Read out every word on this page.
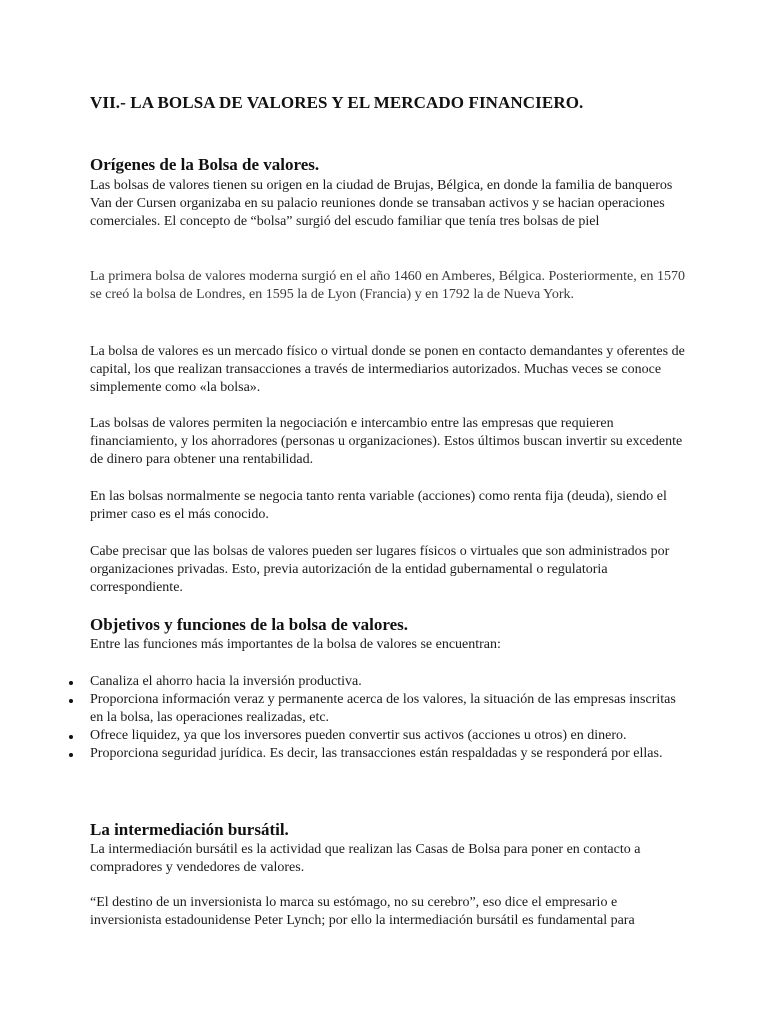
VII.- LA BOLSA DE VALORES Y EL MERCADO FINANCIERO.
Orígenes de la Bolsa de valores.

Las bolsas de valores tienen su origen en la ciudad de Brujas, Bélgica, en donde la familia de banqueros Van der Cursen organizaba en su palacio reuniones donde se transaban activos y se hacian operaciones comerciales. El concepto de “bolsa” surgió del escudo familiar que tenía tres bolsas de piel

La primera bolsa de valores moderna surgió en el año 1460 en Amberes, Bélgica. Posteriormente, en 1570 se creó la bolsa de Londres, en 1595 la de Lyon (Francia) y en 1792 la de Nueva York.

La bolsa de valores es un mercado físico o virtual donde se ponen en contacto demandantes y oferentes de capital, los que realizan transacciones a través de intermediarios autorizados. Muchas veces se conoce simplemente como «la bolsa».

Las bolsas de valores permiten la negociación e intercambio entre las empresas que requieren financiamiento, y los ahorradores (personas u organizaciones). Estos últimos buscan invertir su excedente de dinero para obtener una rentabilidad.

En las bolsas normalmente se negocia tanto renta variable (acciones) como renta fija (deuda), siendo el primer caso es el más conocido.

Cabe precisar que las bolsas de valores pueden ser lugares físicos o virtuales que son administrados por organizaciones privadas. Esto, previa autorización de la entidad gubernamental o regulatoria correspondiente.

Objetivos y funciones de la bolsa de valores.

Entre las funciones más importantes de la bolsa de valores se encuentran:

Canaliza el ahorro hacia la inversión productiva.
Proporciona información veraz y permanente acerca de los valores, la situación de las empresas inscritas en la bolsa, las operaciones realizadas, etc.
Ofrece liquidez, ya que los inversores pueden convertir sus activos (acciones u otros) en dinero.
Proporciona seguridad jurídica. Es decir, las transacciones están respaldadas y se responderá por ellas.
La intermediación bursátil.

La intermediación bursátil es la actividad que realizan las Casas de Bolsa para poner en contacto a compradores y vendedores de valores.

“El destino de un inversionista lo marca su estómago, no su cerebro”, eso dice el empresario e inversionista estadounidense Peter Lynch; por ello la intermediación bursátil es fundamental para
